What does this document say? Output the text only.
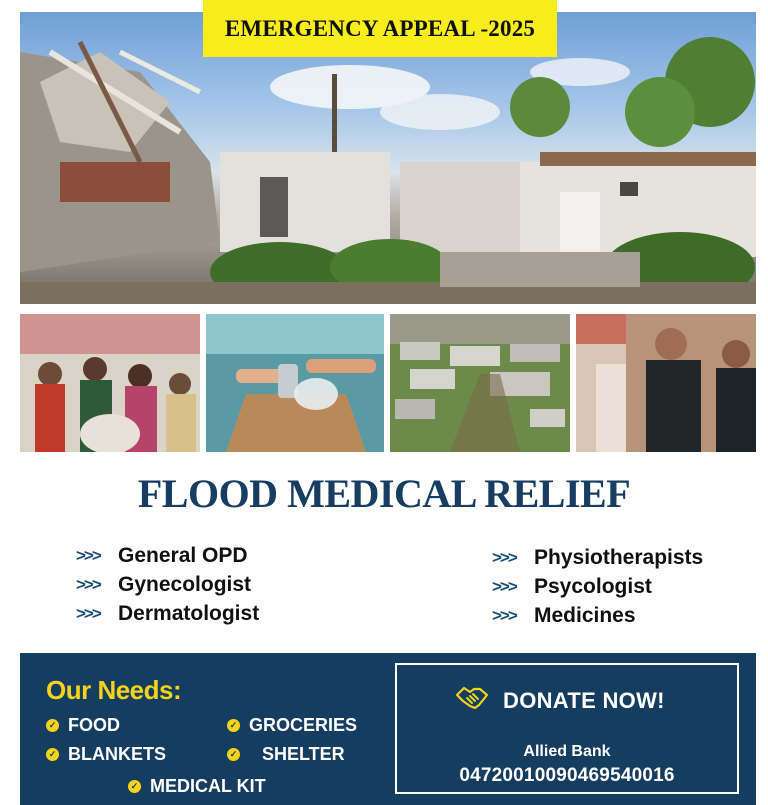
EMERGENCY APPEAL -2025
FLOOD MEDICAL RELIEF
>>> General OPD
>>> Gynecologist
>>> Dermatologist
>>> Physiotherapists
>>> Psycologist
>>> Medicines
Our Needs:
✓ FOOD	✓ GROCERIES
✓ BLANKETS	✓ SHELTER
✓ MEDICAL KIT
DONATE NOW!
Allied Bank
04720010090469540016
